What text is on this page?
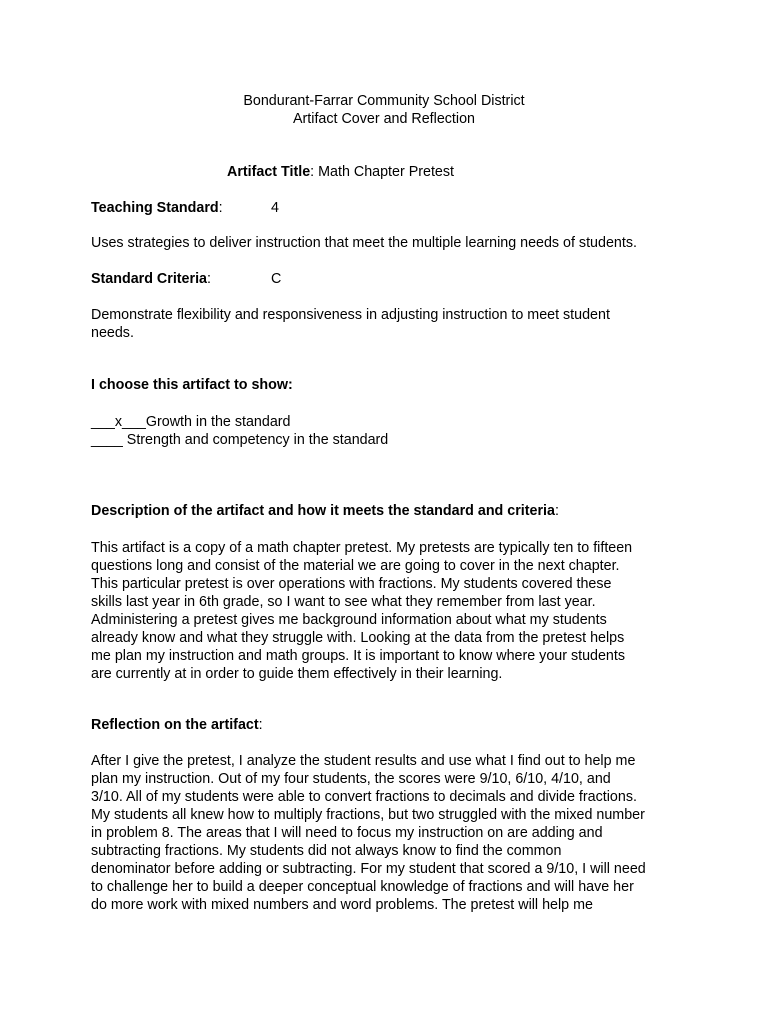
Bondurant-Farrar Community School District
Artifact Cover and Reflection
Artifact Title: Math Chapter Pretest
Teaching Standard:	4
Uses strategies to deliver instruction that meet the multiple learning needs of students.
Standard Criteria:	C

Demonstrate flexibility and responsiveness in adjusting instruction to meet student
needs.

I choose this artifact to show:
___x___Growth in the standard
____ Strength and competency in the standard
Description of the artifact and how it meets the standard and criteria:

This artifact is a copy of a math chapter pretest. My pretests are typically ten to fifteen
questions long and consist of the material we are going to cover in the next chapter.
This particular pretest is over operations with fractions. My students covered these
skills last year in 6th grade, so I want to see what they remember from last year.
Administering a pretest gives me background information about what my students
already know and what they struggle with. Looking at the data from the pretest helps
me plan my instruction and math groups. It is important to know where your students
are currently at in order to guide them effectively in their learning.

Reflection on the artifact:

After I give the pretest, I analyze the student results and use what I find out to help me
plan my instruction. Out of my four students, the scores were 9/10, 6/10, 4/10, and
3/10. All of my students were able to convert fractions to decimals and divide fractions.
My students all knew how to multiply fractions, but two struggled with the mixed number
in problem 8. The areas that I will need to focus my instruction on are adding and
subtracting fractions. My students did not always know to find the common
denominator before adding or subtracting. For my student that scored a 9/10, I will need
to challenge her to build a deeper conceptual knowledge of fractions and will have her
do more work with mixed numbers and word problems. The pretest will help me
